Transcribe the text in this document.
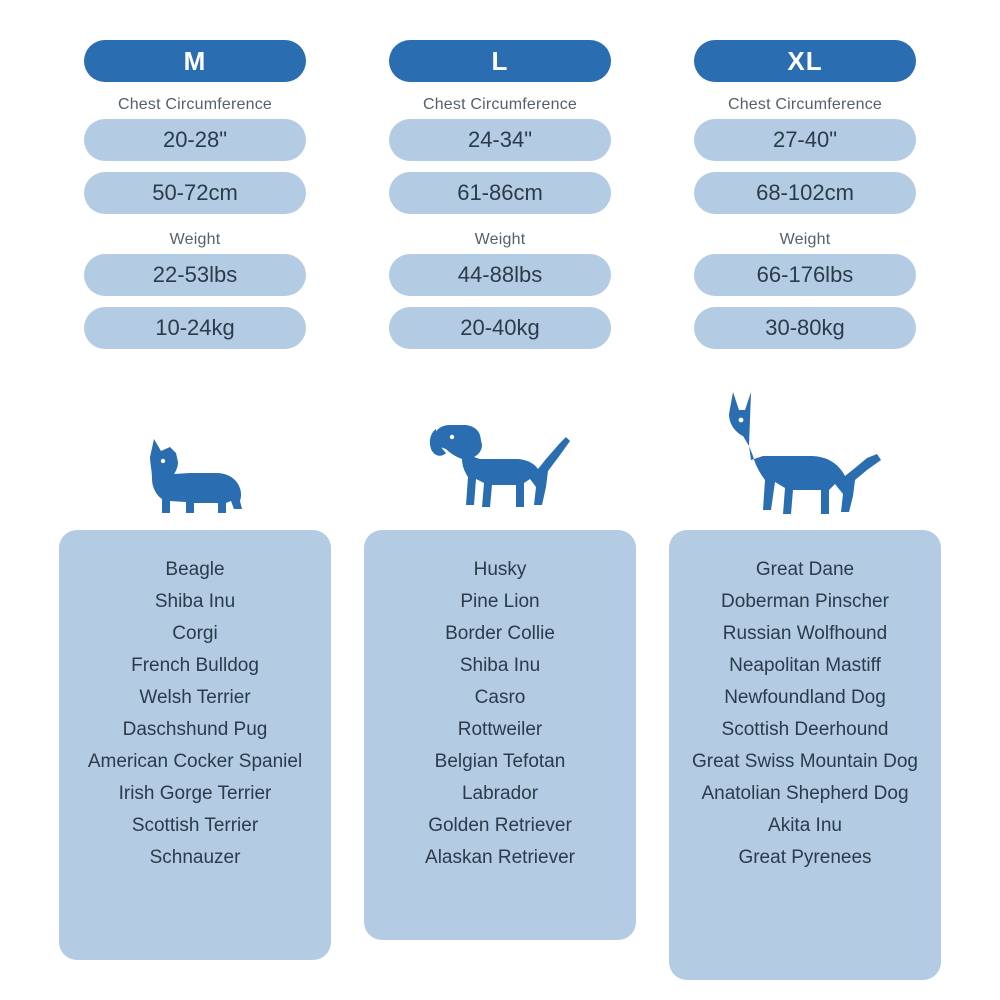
M
Chest Circumference
20-28"
50-72cm
Weight
22-53lbs
10-24kg
Beagle
Shiba Inu
Corgi
French Bulldog
Welsh Terrier
Daschshund Pug
American Cocker Spaniel
Irish Gorge Terrier
Scottish Terrier
Schnauzer
L
Chest Circumference
24-34"
61-86cm
Weight
44-88lbs
20-40kg
Husky
Pine Lion
Border Collie
Shiba Inu
Casro
Rottweiler
Belgian Tefotan
Labrador
Golden Retriever
Alaskan Retriever
XL
Chest Circumference
27-40"
68-102cm
Weight
66-176lbs
30-80kg
Great Dane
Doberman Pinscher
Russian Wolfhound
Neapolitan Mastiff
Newfoundland Dog
Scottish Deerhound
Great Swiss Mountain Dog
Anatolian Shepherd Dog
Akita Inu
Great Pyrenees
